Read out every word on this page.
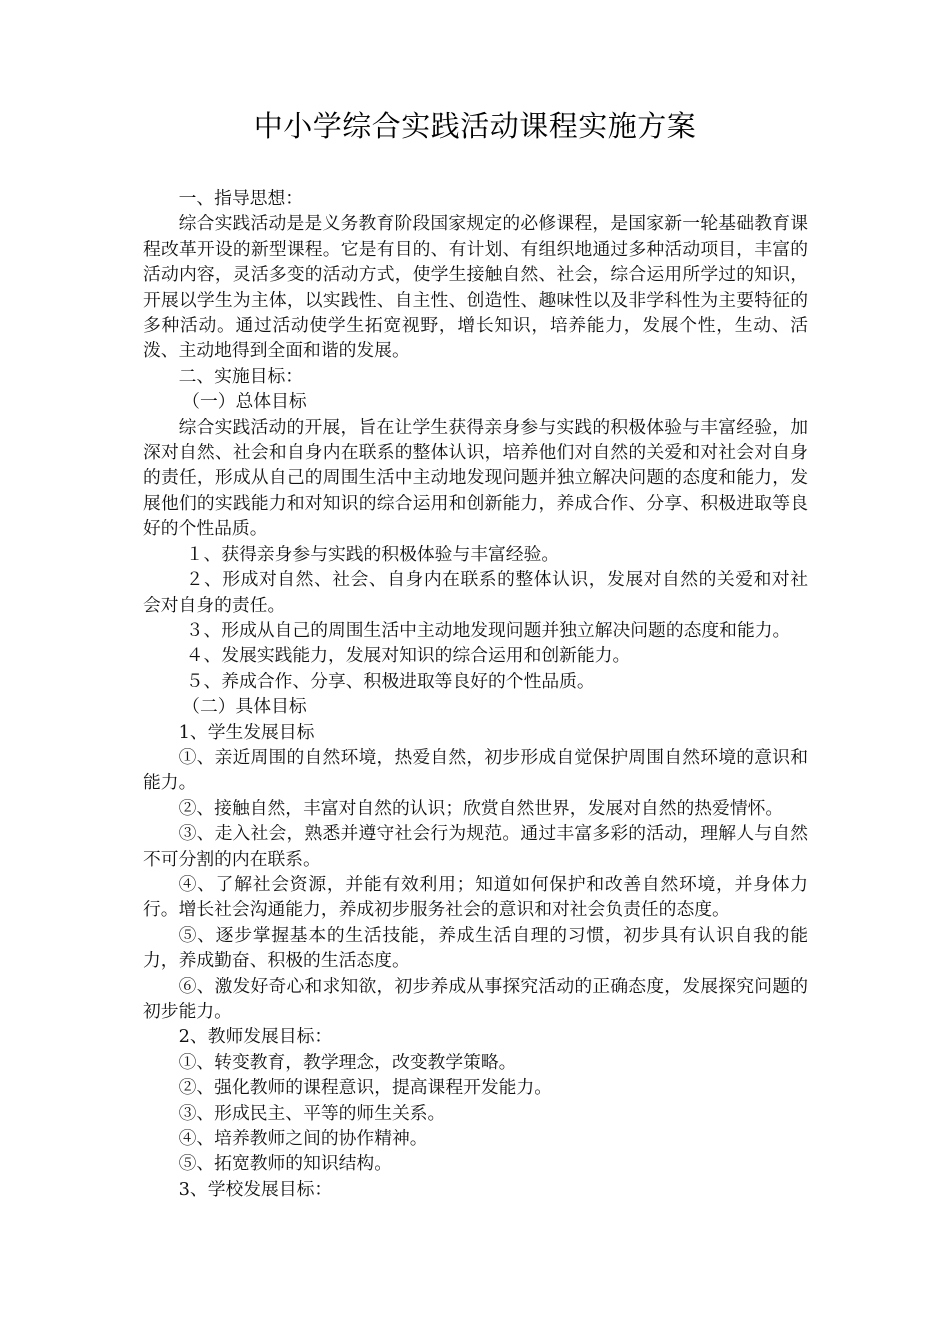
中小学综合实践活动课程实施方案

一、指导思想：

综合实践活动是是义务教育阶段国家规定的必修课程，是国家新一轮基础教育课程改革开设的新型课程。它是有目的、有计划、有组织地通过多种活动项目，丰富的活动内容，灵活多变的活动方式，使学生接触自然、社会，综合运用所学过的知识，开展以学生为主体，以实践性、自主性、创造性、趣味性以及非学科性为主要特征的多种活动。通过活动使学生拓宽视野，增长知识，培养能力，发展个性，生动、活泼、主动地得到全面和谐的发展。

二、实施目标：

（一）总体目标

综合实践活动的开展，旨在让学生获得亲身参与实践的积极体验与丰富经验，加深对自然、社会和自身内在联系的整体认识，培养他们对自然的关爱和对社会对自身的责任，形成从自己的周围生活中主动地发现问题并独立解决问题的态度和能力，发展他们的实践能力和对知识的综合运用和创新能力，养成合作、分享、积极进取等良好的个性品质。

１、获得亲身参与实践的积极体验与丰富经验。

２、形成对自然、社会、自身内在联系的整体认识，发展对自然的关爱和对社会对自身的责任。

３、形成从自己的周围生活中主动地发现问题并独立解决问题的态度和能力。

４、发展实践能力，发展对知识的综合运用和创新能力。

５、养成合作、分享、积极进取等良好的个性品质。

（二）具体目标

1、学生发展目标

①、亲近周围的自然环境，热爱自然，初步形成自觉保护周围自然环境的意识和能力。

②、接触自然，丰富对自然的认识；欣赏自然世界，发展对自然的热爱情怀。

③、走入社会，熟悉并遵守社会行为规范。通过丰富多彩的活动，理解人与自然不可分割的内在联系。

④、了解社会资源，并能有效利用；知道如何保护和改善自然环境，并身体力行。增长社会沟通能力，养成初步服务社会的意识和对社会负责任的态度。

⑤、逐步掌握基本的生活技能，养成生活自理的习惯，初步具有认识自我的能力，养成勤奋、积极的生活态度。

⑥、激发好奇心和求知欲，初步养成从事探究活动的正确态度，发展探究问题的初步能力。

2、教师发展目标：

①、转变教育，教学理念，改变教学策略。

②、强化教师的课程意识，提高课程开发能力。

③、形成民主、平等的师生关系。

④、培养教师之间的协作精神。

⑤、拓宽教师的知识结构。

3、学校发展目标：
